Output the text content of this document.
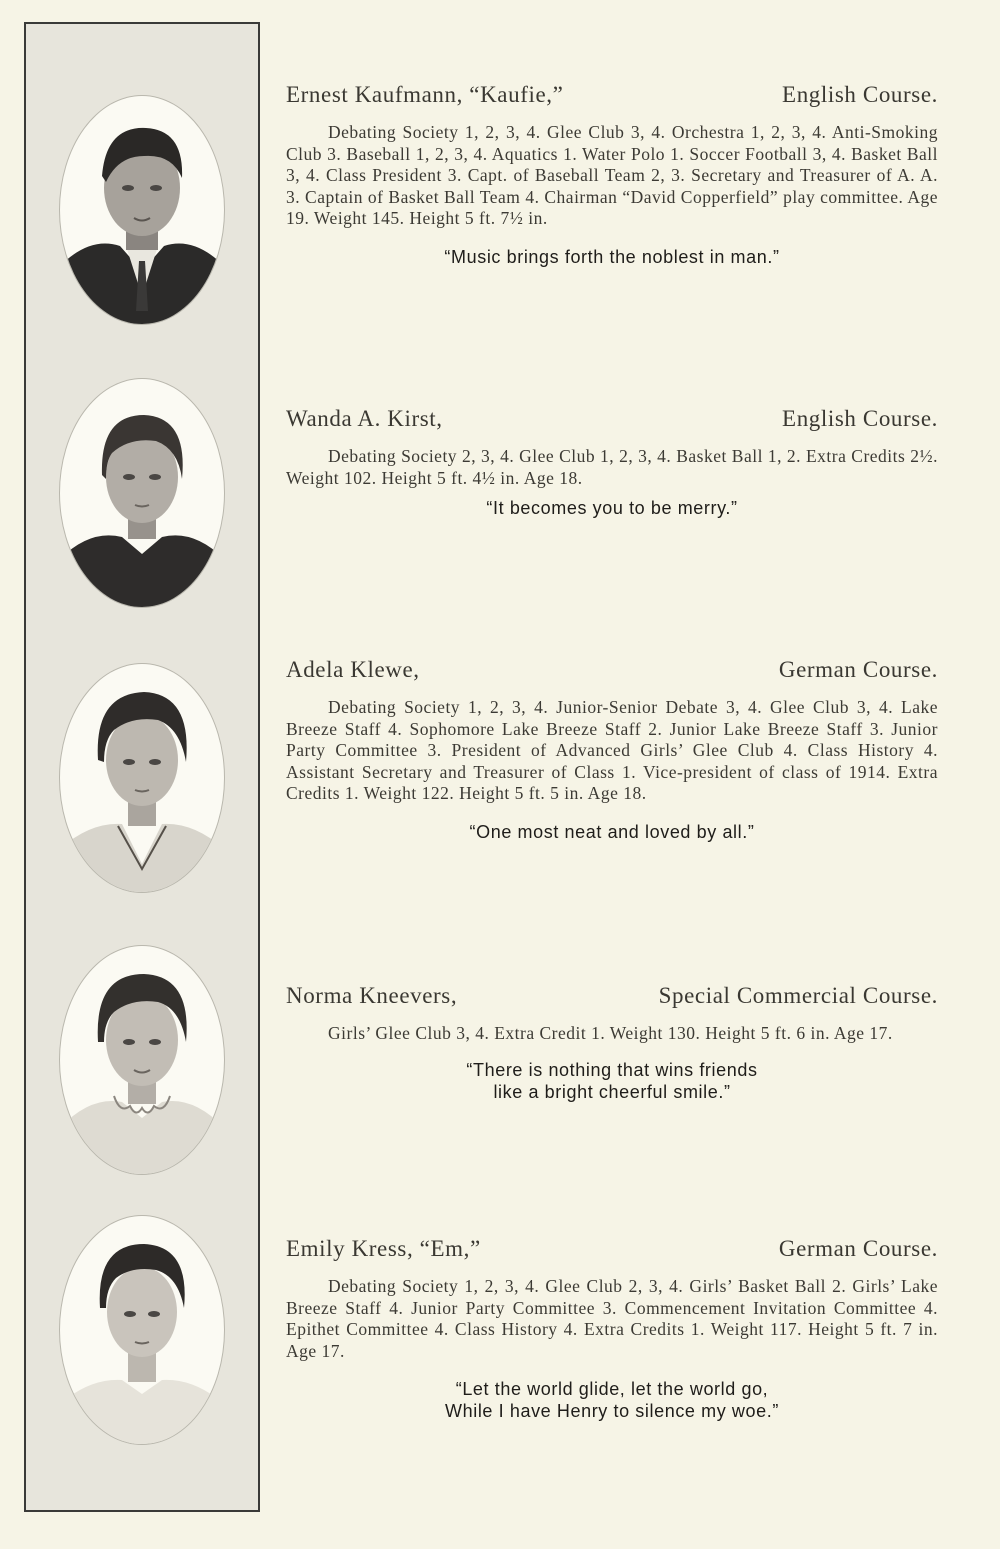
Ernest Kaufmann, “Kaufie,”	English Course.
Debating Society 1, 2, 3, 4. Glee Club 3, 4. Orchestra 1, 2, 3, 4. Anti-Smoking Club 3. Baseball 1, 2, 3, 4. Aquatics 1. Water Polo 1. Soccer Football 3, 4. Basket Ball 3, 4. Class President 3. Capt. of Baseball Team 2, 3. Secretary and Treasurer of A. A. 3. Captain of Basket Ball Team 4. Chairman “David Copperfield” play committee. Age 19. Weight 145. Height 5 ft. 7½ in.
“Music brings forth the noblest in man.”
Wanda A. Kirst,	English Course.
Debating Society 2, 3, 4. Glee Club 1, 2, 3, 4. Basket Ball 1, 2. Extra Credits 2½. Weight 102. Height 5 ft. 4½ in. Age 18.
“It becomes you to be merry.”
Adela Klewe,	German Course.
Debating Society 1, 2, 3, 4. Junior-Senior Debate 3, 4. Glee Club 3, 4. Lake Breeze Staff 4. Sophomore Lake Breeze Staff 2. Junior Lake Breeze Staff 3. Junior Party Committee 3. President of Advanced Girls’ Glee Club 4. Class History 4. Assistant Secretary and Treasurer of Class 1. Vice-president of class of 1914. Extra Credits 1. Weight 122. Height 5 ft. 5 in. Age 18.
“One most neat and loved by all.”
Norma Kneevers,	Special Commercial Course.
Girls’ Glee Club 3, 4. Extra Credit 1. Weight 130. Height 5 ft. 6 in. Age 17.
“There is nothing that wins friends
like a bright cheerful smile.”
Emily Kress, “Em,”	German Course.
Debating Society 1, 2, 3, 4. Glee Club 2, 3, 4. Girls’ Basket Ball 2. Girls’ Lake Breeze Staff 4. Junior Party Committee 3. Commencement Invitation Committee 4. Epithet Committee 4. Class History 4. Extra Credits 1. Weight 117. Height 5 ft. 7 in. Age 17.
“Let the world glide, let the world go,
While I have Henry to silence my woe.”
